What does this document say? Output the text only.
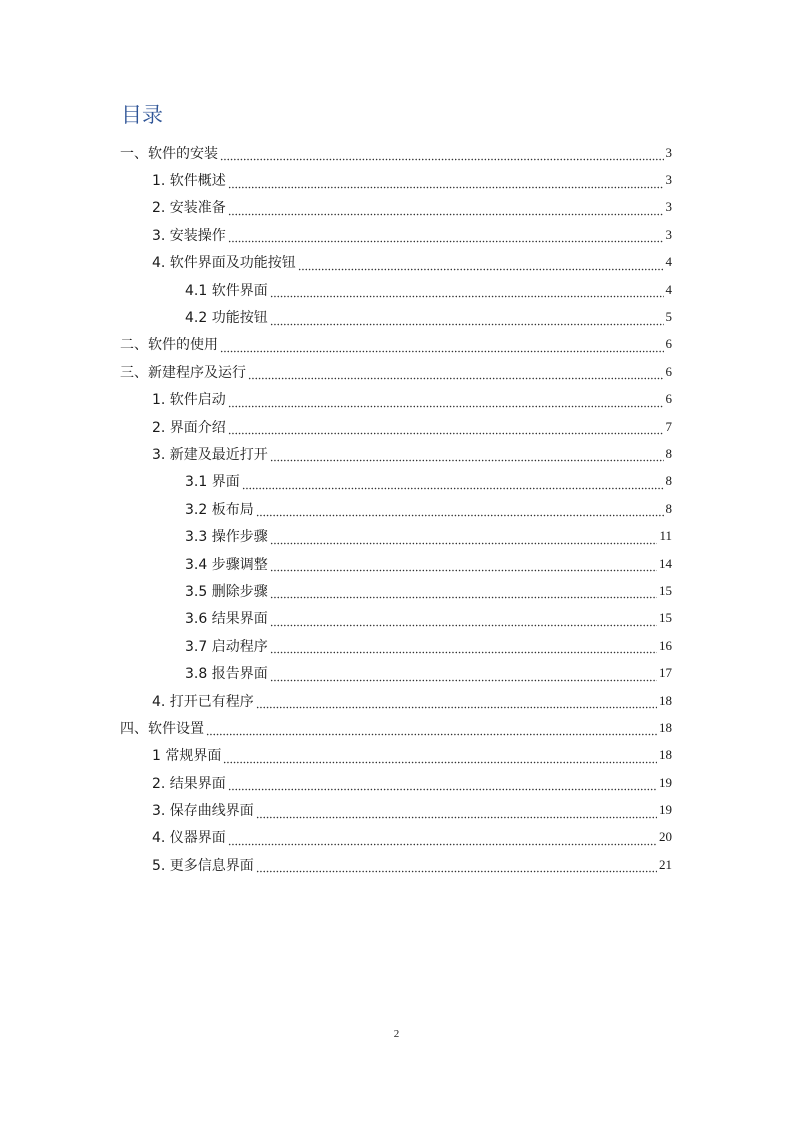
目录
一、软件的安装	3
1. 软件概述	3
2. 安装准备	3
3. 安装操作	3
4. 软件界面及功能按钮	4
4.1 软件界面	4
4.2 功能按钮	5
二、软件的使用	6
三、新建程序及运行	6
1. 软件启动	6
2. 界面介绍	7
3. 新建及最近打开	8
3.1 界面	8
3.2 板布局	8
3.3 操作步骤	11
3.4 步骤调整	14
3.5 删除步骤	15
3.6 结果界面	15
3.7 启动程序	16
3.8 报告界面	17
4. 打开已有程序	18
四、软件设置	18
1 常规界面	18
2. 结果界面	19
3. 保存曲线界面	19
4. 仪器界面	20
5. 更多信息界面	21
2
